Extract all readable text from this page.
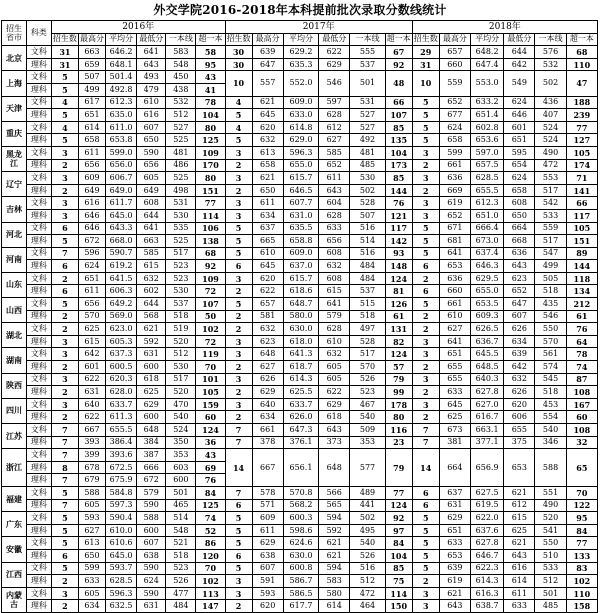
外交学院2016-2018年本科提前批次录取分数线统计
招生省市	科类	2016年						2017年						2018年					
		招生数	最高分	平均分	最低分	一本线	超一本	招生数	最高分	平均分	最低分	一本线	超一本	招生数	最高分	平均分	最低分	一本线	超一本
北京	文科	31	663	646.2	641	583	58	30	639	629.2	622	555	67	29	657	648.2	644	576	68
	理科	31	659	648.1	643	548	95	30	647	635.3	629	537	92	31	660	647.4	642	532	110
上海	文科	5	507	501.4	493	450	43	10	557	552.0	546	501	48	10	559	553.0	549	502	47
	理科	5	499	492.8	479	438	41												
天津	文科	4	617	612.3	610	532	78	4	621	609.0	597	531	66	5	652	633.2	624	436	188
	理科	5	651	635.0	616	512	104	5	645	633.0	628	527	107	5	677	651.4	646	407	239
重庆	文科	4	614	611.0	607	527	80	4	620	614.8	612	527	85	5	624	602.8	601	524	77
	理科	5	658	653.8	650	525	125	5	632	629.0	627	492	135	5	658	653.6	651	524	127
黑龙江	文科	3	611	599.0	590	481	109	3	613	596.3	585	481	104	3	599	597.0	595	490	105
	理科	2	656	656.0	656	486	170	2	658	655.0	652	485	173	2	661	657.5	654	472	174
辽宁	文科	3	609	606.7	605	525	80	3	621	615.7	611	530	85	3	636	628.5	624	553	71
	理科	2	649	649.0	649	498	151	2	650	646.5	643	502	144	2	669	655.5	658	517	141
吉林	文科	3	616	611.7	608	531	77	3	611	607.7	604	528	76	3	619	612.3	608	542	66
	理科	3	646	645.0	644	530	114	3	634	631.0	628	507	121	3	652	651.0	650	533	117
河北	文科	6	646	643.3	641	535	106	5	637	635.5	633	516	117	5	671	666.4	664	559	105
	理科	5	672	668.0	663	525	138	5	665	658.8	656	514	142	5	681	673.0	668	517	151
河南	文科	7	596	590.7	585	517	68	5	610	609.0	608	516	93	5	641	637.4	636	547	89
	理科	6	624	619.2	615	523	92	6	645	637.0	632	484	148	6	653	646.3	643	499	144
山东	文科	2	651	641.5	632	523	109	3	620	615.7	608	484	124	2	636	629.5	623	505	118
	理科	6	611	606.3	602	530	72	2	622	618.6	615	537	81	6	660	655.0	652	518	134
山西	文科	5	656	649.2	644	537	107	5	657	648.7	641	515	126	5	661	653.5	647	435	212
	理科	2	570	569.0	568	518	50	2	581	580.0	579	518	61	2	610	609.3	607	546	61
湖北	文科	2	625	623.0	621	519	102	2	632	630.0	628	497	131	2	627	626.5	626	550	76
	理科	3	615	605.3	592	520	72	3	623	618.0	610	528	82	3	641	636.7	634	570	64
湖南	文科	3	642	637.3	631	512	119	3	648	641.3	632	517	124	3	651	645.5	639	561	78
	理科	2	601	600.5	600	530	70	2	627	618.7	605	570	57	2	655	648.5	642	574	74
陕西	文科	3	622	620.3	618	517	101	3	626	614.3	605	526	79	3	655	640.3	632	545	87
	理科	2	631	628.0	625	520	105	2	629	625.5	622	523	99	2	633	627.8	626	518	108
四川	文科	3	640	633.7	629	470	159	3	640	633.7	629	467	178	3	645	627.0	620	453	167
	理科	2	622	611.3	600	540	60	2	634	626.0	618	540	80	2	625	616.7	606	554	60
江苏	文科	7	667	655.5	648	524	124	7	661	647.3	643	509	116	7	673	663.1	655	540	108
	理科	7	393	386.4	384	350	36	7	378	376.1	373	353	23	7	381	377.1	375	346	32
浙江	文科	7	399	393.6	387	353	43	14	667	656.1	648	577	79	14	664	656.9	653	588	65
	理科	8	678	672.5	666	603	69												
	理科	7	679	675.9	672	600	76												
福建	文科	5	588	584.8	579	501	84	7	578	570.8	566	489	77	6	637	627.5	621	551	70
	理科	7	605	597.3	590	465	125	6	571	568.2	565	441	124	6	631	619.5	612	490	122
广东	文科	5	593	590.4	588	514	74	5	609	600.3	594	502	92	5	629	622.0	615	520	95
	理科	5	627	610.0	600	548	52	5	611	598.6	592	495	97	5	651	637.6	625	541	84
安徽	文科	5	613	610.6	607	521	86	5	629	624.6	621	540	84	5	633	627.8	621	550	77
	理科	6	650	645.0	638	518	120	6	638	630.0	621	526	104	5	653	646.7	643	510	133
江西	文科	5	599	593.7	590	523	70	5	607	600.8	594	516	85	5	639	622.3	616	533	83
	理科	2	633	628.5	624	526	102	3	591	586.7	583	512	75	2	619	614.3	614	512	102
内蒙古	文科	3	605	596.3	590	477	113	3	593	586.5	580	472	114	3	621	616.3	611	501	110
	理科	2	634	632.5	631	484	147	2	620	617.7	614	464	150	3	643	638.7	633	485	158
